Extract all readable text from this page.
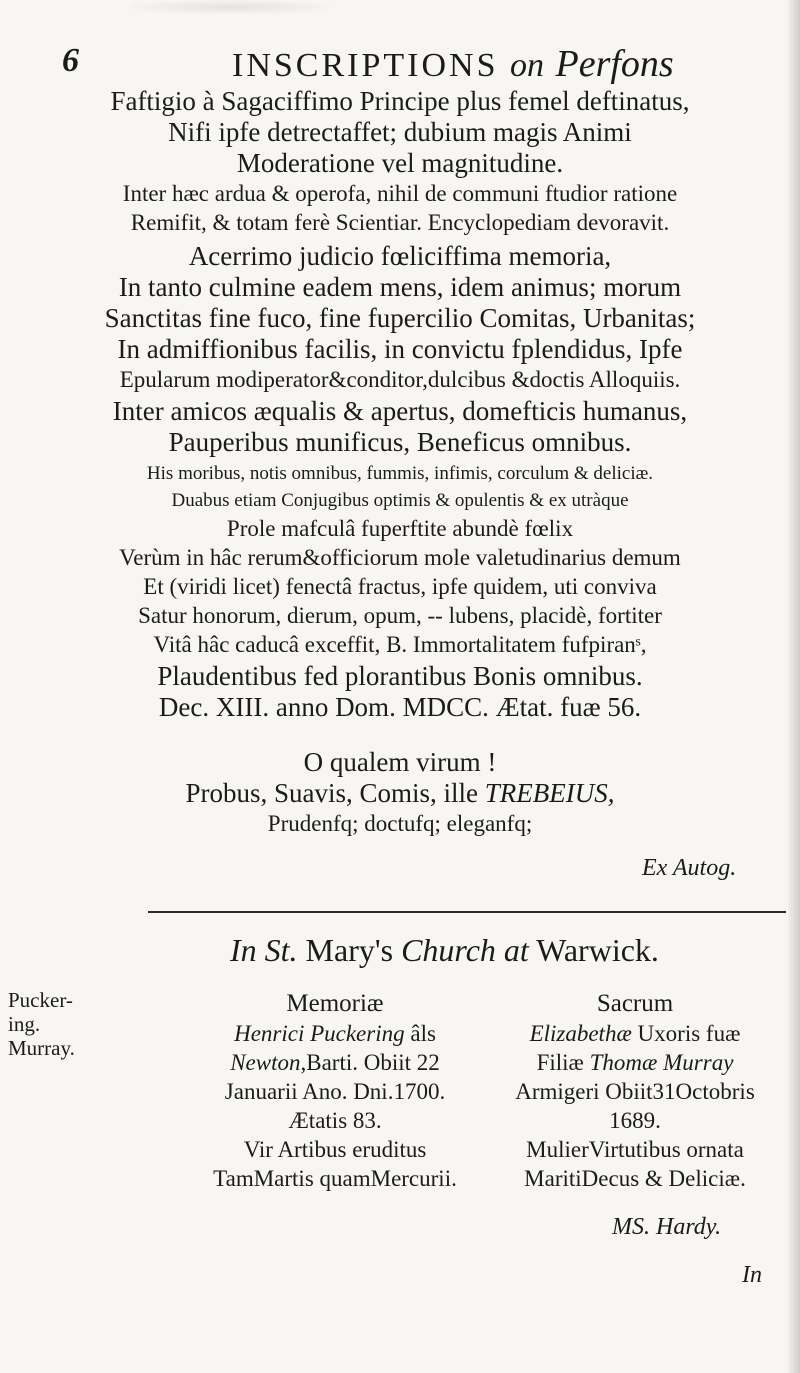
6	INSCRIPTIONS on Perfons
Faftigio à Sagaciffimo Principe plus femel deftinatus,
Nifi ipfe detrectaffet; dubium magis Animi
Moderatione vel magnitudine.
Inter hæc ardua & operofa, nihil de communi ftudior ratione
Remifit, & totam ferè Scientiar. Encyclopediam devoravit.
Acerrimo judicio fœliciffima memoria,
In tanto culmine eadem mens, idem animus; morum
Sanctitas fine fuco, fine fupercilio Comitas, Urbanitas;
In admiffionibus facilis, in convictu fplendidus, Ipfe
Epularum modiperator&conditor,dulcibus &doctis Alloquiis.
Inter amicos æqualis & apertus, domefticis humanus,
Pauperibus munificus, Beneficus omnibus.
His moribus, notis omnibus, fummis, infimis, corculum & deliciæ.
Duabus etiam Conjugibus optimis & opulentis & ex utràque
Prole mafculâ fuperftite abundè fœlix
Verùm in hâc rerum&officiorum mole valetudinarius demum
Et (viridi licet) fenectâ fractus, ipfe quidem, uti conviva
Satur honorum, dierum, opum, -- lubens, placidè, fortiter
Vitâ hâc caducâ exceffit, B. Immortalitatem fufpiranˢ,
Plaudentibus fed plorantibus Bonis omnibus.
Dec. XIII. anno Dom. MDCC. Ætat. fuæ 56.
O qualem virum !
Probus, Suavis, Comis, ille TREBEIUS,
Prudenfq; doctufq; eleganfq;
Ex Autog.
In St. Mary's Church at Warwick.
Pucker-
ing.
Murray.
Memoriæ
Henrici Puckering âls
Newton,Barti. Obiit 22
Januarii Ano. Dni.1700.
Ætatis 83.
Vir Artibus eruditus
TamMartis quamMercurii.
Sacrum
Elizabethæ Uxoris fuæ
Filiæ Thomæ Murray
Armigeri Obiit31Octobris
1689.
MulierVirtutibus ornata
MaritiDecus & Deliciæ.
MS. Hardy.
In
